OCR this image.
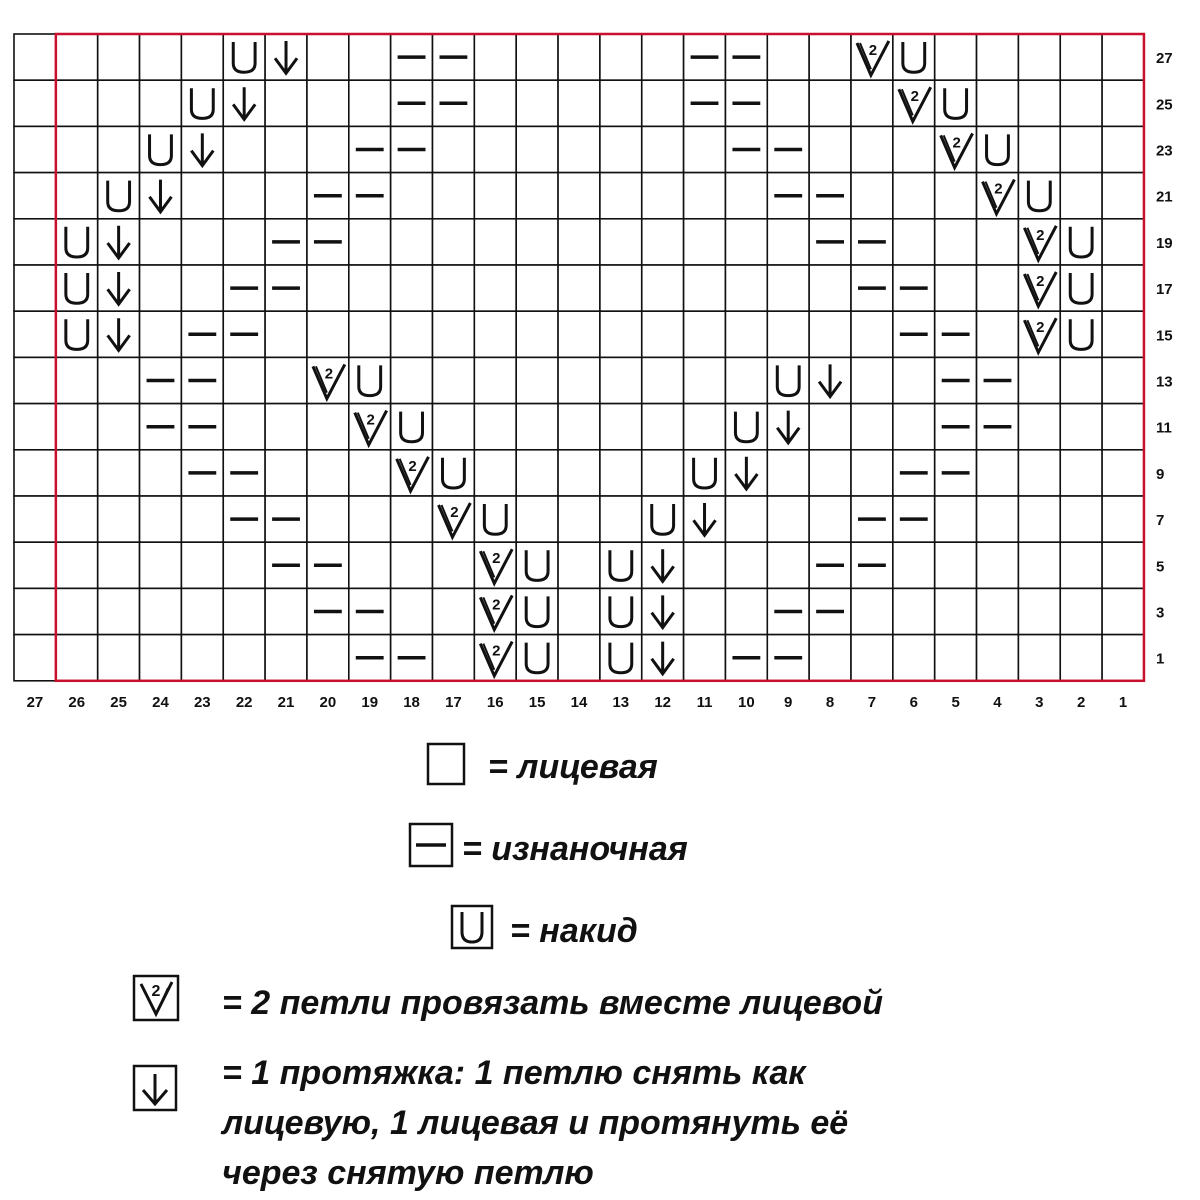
2
2
2
2
2
2
2
2
2
2
2
2
2
2
27
25
23
21
19
17
15
13
11
9
7
5
3
1
27 26 25 24 23 22 21 20 19 18 17 16 15 14 13 12 11 10 9 8 7 6 5 4 3 2 1
= лицевая
= изнаночная
= накид
2 = 2 петли провязать вместе лицевой
= 1 протяжка: 1 петлю снять как
лицевую, 1 лицевая и протянуть её
через снятую петлю
